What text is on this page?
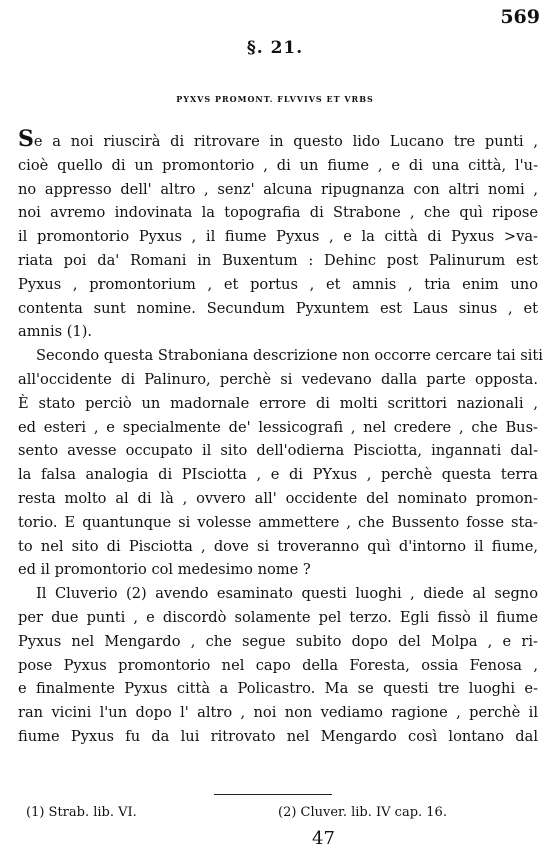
569
§. 21.
PYXVS PROMONT. FLVVIVS ET VRBS
Se a noi riuscirà di ritrovare in questo lido Lucano tre punti ,
cioè quello di un promontorio , di un fiume , e di una città, l'u-
no appresso dell' altro , senz' alcuna ripugnanza con altri nomi ,
noi avremo indovinata la topografia di Strabone , che quì ripose
il promontorio Pyxus , il fiume Pyxus , e la città di Pyxus >va-
riata poi da' Romani in Buxentum : Dehinc post Palinurum est
Pyxus , promontorium , et portus , et amnis , tria enim uno
contenta sunt nomine. Secundum Pyxuntem est Laus sinus , et
amnis (1).
Secondo questa Straboniana descrizione non occorre cercare tai siti
all'occidente di Palinuro, perchè si vedevano dalla parte opposta.
È stato perciò un madornale errore di molti scrittori nazionali ,
ed esteri , e specialmente de' lessicografi , nel credere , che Bus-
sento avesse occupato il sito dell'odierna Pisciotta, ingannati dal-
la falsa analogia di PIsciotta , e di PYxus , perchè questa terra
resta molto al di là , ovvero all' occidente del nominato promon-
torio. E quantunque si volesse ammettere , che Bussento fosse sta-
to nel sito di Pisciotta , dove si troveranno quì d'intorno il fiume,
ed il promontorio col medesimo nome ?
Il Cluverio (2) avendo esaminato questi luoghi , diede al segno
per due punti , e discordò solamente pel terzo. Egli fissò il fiume
Pyxus nel Mengardo , che segue subito dopo del Molpa , e ri-
pose Pyxus promontorio nel capo della Foresta, ossia Fenosa ,
e finalmente Pyxus città a Policastro. Ma se questi tre luoghi e-
ran vicini l'un dopo l' altro , noi non vediamo ragione , perchè il
fiume Pyxus fu da lui ritrovato nel Mengardo così lontano dal
(1) Strab. lib. VI.	(2) Cluver. lib. IV cap. 16.
47
